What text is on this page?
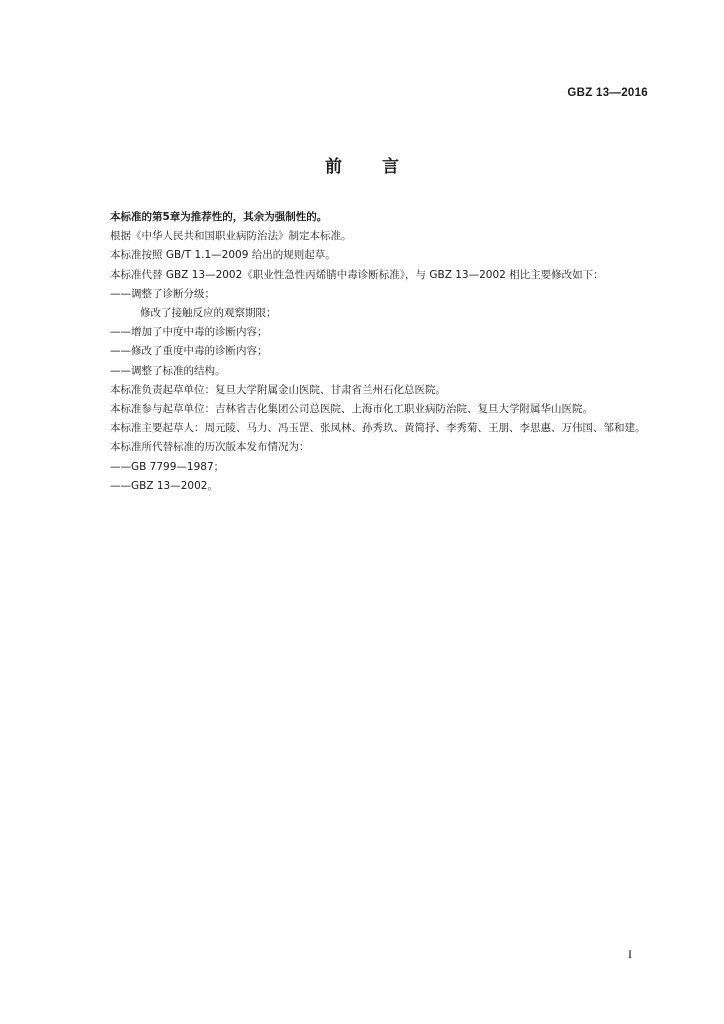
GBZ 13—2016
前言

本标准的第5章为推荐性的，其余为强制性的。

根据《中华人民共和国职业病防治法》制定本标准。

本标准按照 GB/T 1.1—2009 给出的规则起草。

本标准代替 GBZ 13—2002《职业性急性丙烯腈中毒诊断标准》，与 GBZ 13—2002 相比主要修改如下：

——调整了诊断分级；

修改了接触反应的观察期限；

——增加了中度中毒的诊断内容；

——修改了重度中毒的诊断内容；

——调整了标准的结构。

本标准负责起草单位：复旦大学附属金山医院、甘肃省兰州石化总医院。

本标准参与起草单位：吉林省吉化集团公司总医院、上海市化工职业病防治院、复旦大学附属华山医院。

本标准主要起草人：周元陵、马力、冯玉罡、张凤林、孙秀玖、黄简抒、李秀菊、王朋、李思惠、万伟国、邹和建。

本标准所代替标准的历次版本发布情况为：

——GB 7799—1987；

——GBZ 13—2002。

I
